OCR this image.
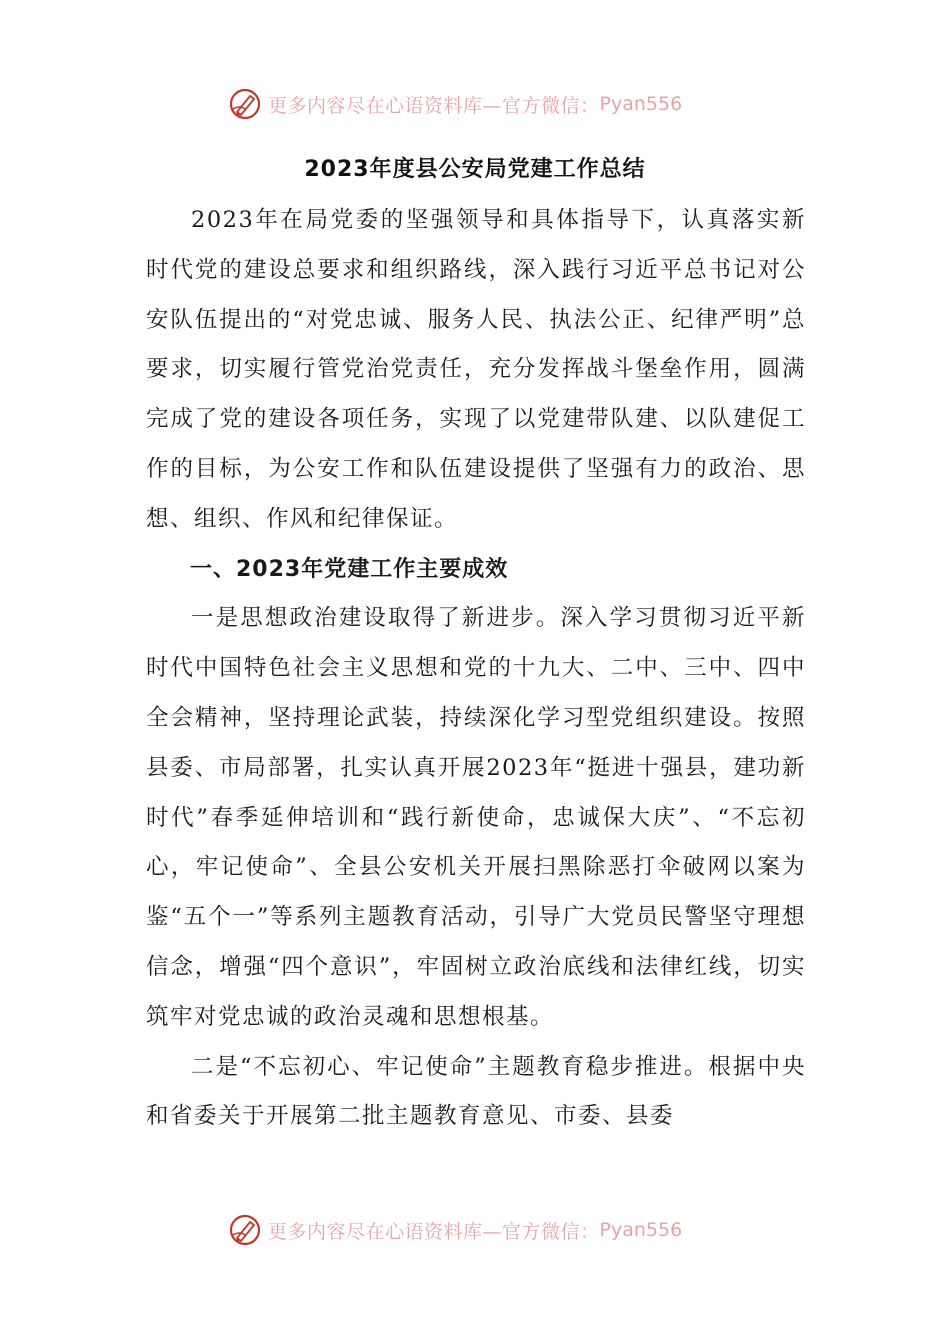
更多内容尽在心语资料库—官方微信： Pyan556
2023年度县公安局党建工作总结

2023年在局党委的坚强领导和具体指导下，认真落实新时代党的建设总要求和组织路线，深入践行习近平总书记对公安队伍提出的“对党忠诚、服务人民、执法公正、纪律严明”总要求，切实履行管党治党责任，充分发挥战斗堡垒作用，圆满完成了党的建设各项任务，实现了以党建带队建、以队建促工作的目标，为公安工作和队伍建设提供了坚强有力的政治、思想、组织、作风和纪律保证。

一、2023年党建工作主要成效

一是思想政治建设取得了新进步。深入学习贯彻习近平新时代中国特色社会主义思想和党的十九大、二中、三中、四中全会精神，坚持理论武装，持续深化学习型党组织建设。按照县委、市局部署，扎实认真开展2023年“挺进十强县，建功新时代”春季延伸培训和“践行新使命，忠诚保大庆”、“不忘初心，牢记使命”、全县公安机关开展扫黑除恶打伞破网以案为鉴“五个一”等系列主题教育活动，引导广大党员民警坚守理想信念，增强“四个意识”，牢固树立政治底线和法律红线，切实筑牢对党忠诚的政治灵魂和思想根基。

二是“不忘初心、牢记使命”主题教育稳步推进。根据中央和省委关于开展第二批主题教育意见、市委、县委

更多内容尽在心语资料库—官方微信： Pyan556
